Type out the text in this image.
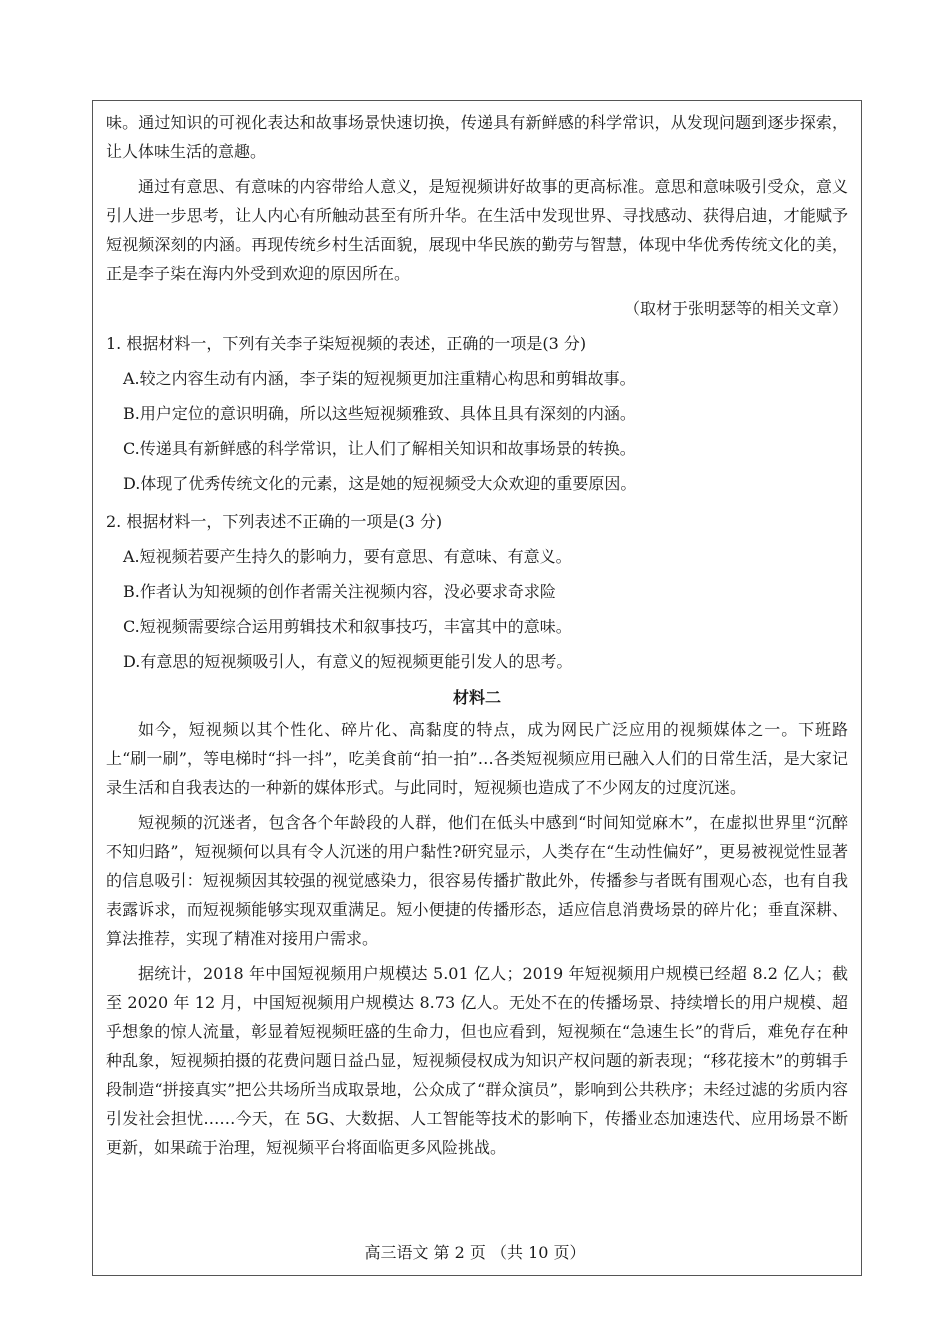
味。通过知识的可视化表达和故事场景快速切换，传递具有新鲜感的科学常识，从发现问题到逐步探索，让人体味生活的意趣。

通过有意思、有意味的内容带给人意义，是短视频讲好故事的更高标准。意思和意味吸引受众，意义引人进一步思考，让人内心有所触动甚至有所升华。在生活中发现世界、寻找感动、获得启迪，才能赋予短视频深刻的内涵。再现传统乡村生活面貌，展现中华民族的勤劳与智慧，体现中华优秀传统文化的美，正是李子柒在海内外受到欢迎的原因所在。

（取材于张明瑟等的相关文章）

1. 根据材料一，下列有关李子柒短视频的表述，正确的一项是(3 分)

A.较之内容生动有内涵，李子柒的短视频更加注重精心构思和剪辑故事。

B.用户定位的意识明确，所以这些短视频雅致、具体且具有深刻的内涵。

C.传递具有新鲜感的科学常识，让人们了解相关知识和故事场景的转换。

D.体现了优秀传统文化的元素，这是她的短视频受大众欢迎的重要原因。

2. 根据材料一，下列表述不正确的一项是(3 分)

A.短视频若要产生持久的影响力，要有意思、有意味、有意义。

B.作者认为知视频的创作者需关注视频内容，没必要求奇求险

C.短视频需要综合运用剪辑技术和叙事技巧，丰富其中的意味。

D.有意思的短视频吸引人，有意义的短视频更能引发人的思考。

材料二

如今，短视频以其个性化、碎片化、高黏度的特点，成为网民广泛应用的视频媒体之一。下班路上“刷一刷”，等电梯时“抖一抖”，吃美食前“拍一拍”…各类短视频应用已融入人们的日常生活，是大家记录生活和自我表达的一种新的媒体形式。与此同时，短视频也造成了不少网友的过度沉迷。

短视频的沉迷者，包含各个年龄段的人群，他们在低头中感到“时间知觉麻木”，在虚拟世界里“沉醉不知归路”，短视频何以具有令人沉迷的用户黏性?研究显示，人类存在“生动性偏好”，更易被视觉性显著的信息吸引：短视频因其较强的视觉感染力，很容易传播扩散此外，传播参与者既有围观心态，也有自我表露诉求，而短视频能够实现双重满足。短小便捷的传播形态，适应信息消费场景的碎片化；垂直深耕、算法推荐，实现了精准对接用户需求。

据统计，2018 年中国短视频用户规模达 5.01 亿人；2019 年短视频用户规模已经超 8.2 亿人；截至 2020 年 12 月，中国短视频用户规模达 8.73 亿人。无处不在的传播场景、持续增长的用户规模、超乎想象的惊人流量，彰显着短视频旺盛的生命力，但也应看到，短视频在“急速生长”的背后，难免存在种种乱象，短视频拍摄的花费问题日益凸显，短视频侵权成为知识产权问题的新表现；“移花接木”的剪辑手段制造“拼接真实”把公共场所当成取景地，公众成了“群众演员”，影响到公共秩序；未经过滤的劣质内容引发社会担忧……今天，在 5G、大数据、人工智能等技术的影响下，传播业态加速迭代、应用场景不断更新，如果疏于治理，短视频平台将面临更多风险挑战。

高三语文 第 2 页 （共 10 页）
